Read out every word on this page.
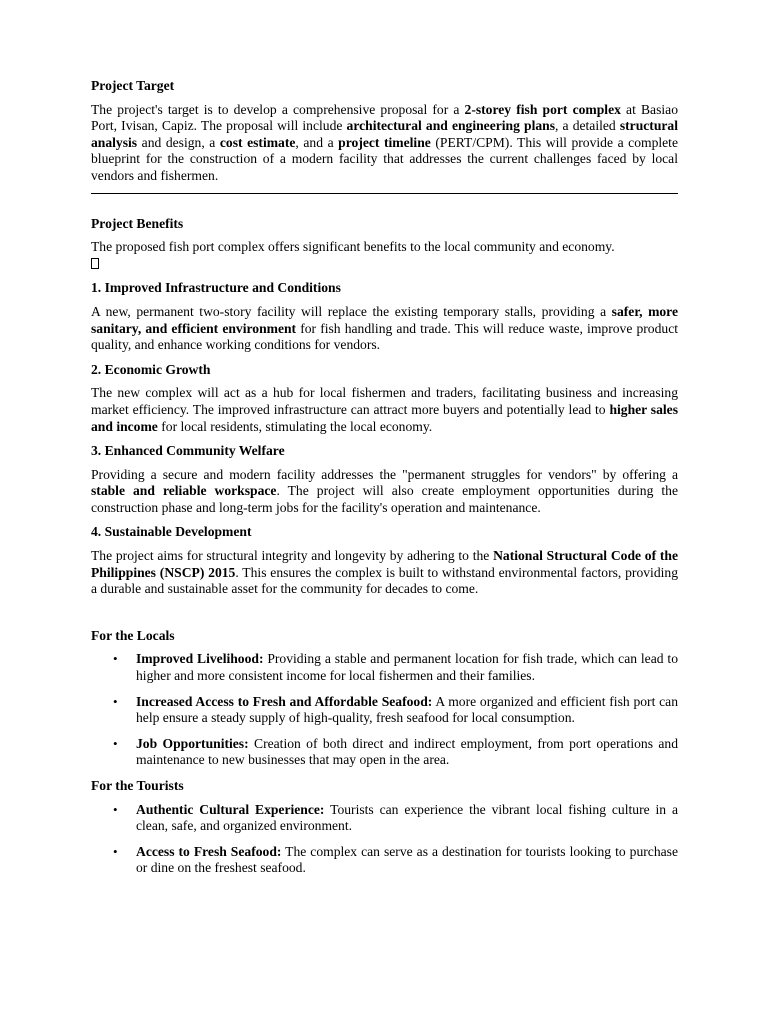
Project Target

The project's target is to develop a comprehensive proposal for a 2-storey fish port complex at Basiao Port, Ivisan, Capiz. The proposal will include architectural and engineering plans, a detailed structural analysis and design, a cost estimate, and a project timeline (PERT/CPM). This will provide a complete blueprint for the construction of a modern facility that addresses the current challenges faced by local vendors and fishermen.

Project Benefits

The proposed fish port complex offers significant benefits to the local community and economy.

1. Improved Infrastructure and Conditions

A new, permanent two-story facility will replace the existing temporary stalls, providing a safer, more sanitary, and efficient environment for fish handling and trade. This will reduce waste, improve product quality, and enhance working conditions for vendors.

2. Economic Growth

The new complex will act as a hub for local fishermen and traders, facilitating business and increasing market efficiency. The improved infrastructure can attract more buyers and potentially lead to higher sales and income for local residents, stimulating the local economy.

3. Enhanced Community Welfare

Providing a secure and modern facility addresses the "permanent struggles for vendors" by offering a stable and reliable workspace. The project will also create employment opportunities during the construction phase and long-term jobs for the facility's operation and maintenance.

4. Sustainable Development

The project aims for structural integrity and longevity by adhering to the National Structural Code of the Philippines (NSCP) 2015. This ensures the complex is built to withstand environmental factors, providing a durable and sustainable asset for the community for decades to come.

For the Locals
• Improved Livelihood: Providing a stable and permanent location for fish trade, which can lead to higher and more consistent income for local fishermen and their families.
• Increased Access to Fresh and Affordable Seafood: A more organized and efficient fish port can help ensure a steady supply of high-quality, fresh seafood for local consumption.
• Job Opportunities: Creation of both direct and indirect employment, from port operations and maintenance to new businesses that may open in the area.
For the Tourists
• Authentic Cultural Experience: Tourists can experience the vibrant local fishing culture in a clean, safe, and organized environment.
• Access to Fresh Seafood: The complex can serve as a destination for tourists looking to purchase or dine on the freshest seafood.
